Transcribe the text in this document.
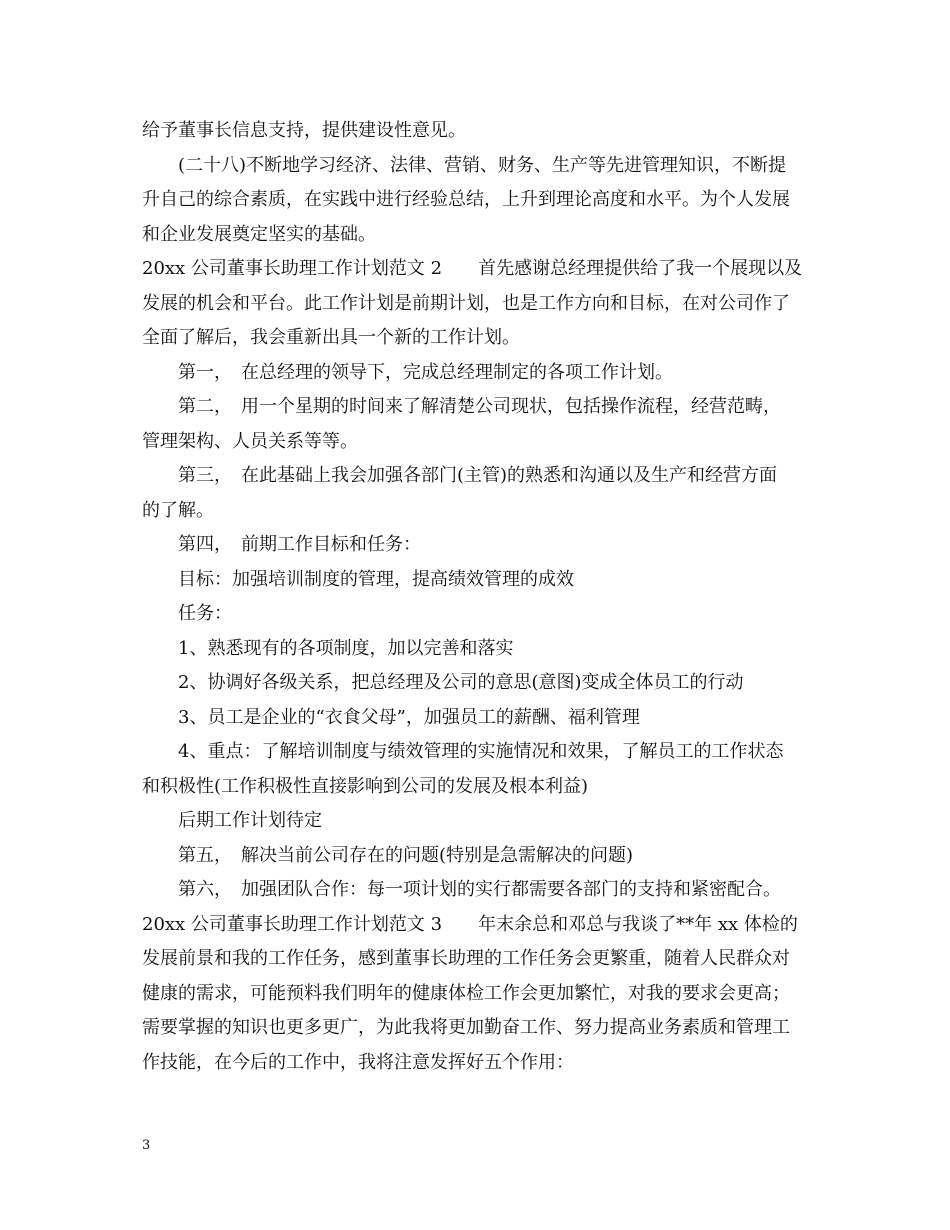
给予董事长信息支持，提供建设性意见。
(二十八)不断地学习经济、法律、营销、财务、生产等先进管理知识，不断提
升自己的综合素质，在实践中进行经验总结，上升到理论高度和水平。为个人发展
和企业发展奠定坚实的基础。
20xx 公司董事长助理工作计划范文 2　　首先感谢总经理提供给了我一个展现以及
发展的机会和平台。此工作计划是前期计划，也是工作方向和目标，在对公司作了
全面了解后，我会重新出具一个新的工作计划。
第一，　在总经理的领导下，完成总经理制定的各项工作计划。
第二，　用一个星期的时间来了解清楚公司现状，包括操作流程，经营范畴，
管理架构、人员关系等等。
第三，　在此基础上我会加强各部门(主管)的熟悉和沟通以及生产和经营方面
的了解。
第四，　前期工作目标和任务：
目标：加强培训制度的管理，提高绩效管理的成效
任务：
1、熟悉现有的各项制度，加以完善和落实
2、协调好各级关系，把总经理及公司的意思(意图)变成全体员工的行动
3、员工是企业的“衣食父母”，加强员工的薪酬、福利管理
4、重点：了解培训制度与绩效管理的实施情况和效果，了解员工的工作状态
和积极性(工作积极性直接影响到公司的发展及根本利益)
后期工作计划待定
第五，　解决当前公司存在的问题(特别是急需解决的问题)
第六，　加强团队合作：每一项计划的实行都需要各部门的支持和紧密配合。
20xx 公司董事长助理工作计划范文 3　　年末余总和邓总与我谈了**年 xx 体检的
发展前景和我的工作任务，感到董事长助理的工作任务会更繁重，随着人民群众对
健康的需求，可能预料我们明年的健康体检工作会更加繁忙，对我的要求会更高；
需要掌握的知识也更多更广，为此我将更加勤奋工作、努力提高业务素质和管理工
作技能，在今后的工作中，我将注意发挥好五个作用：
3
